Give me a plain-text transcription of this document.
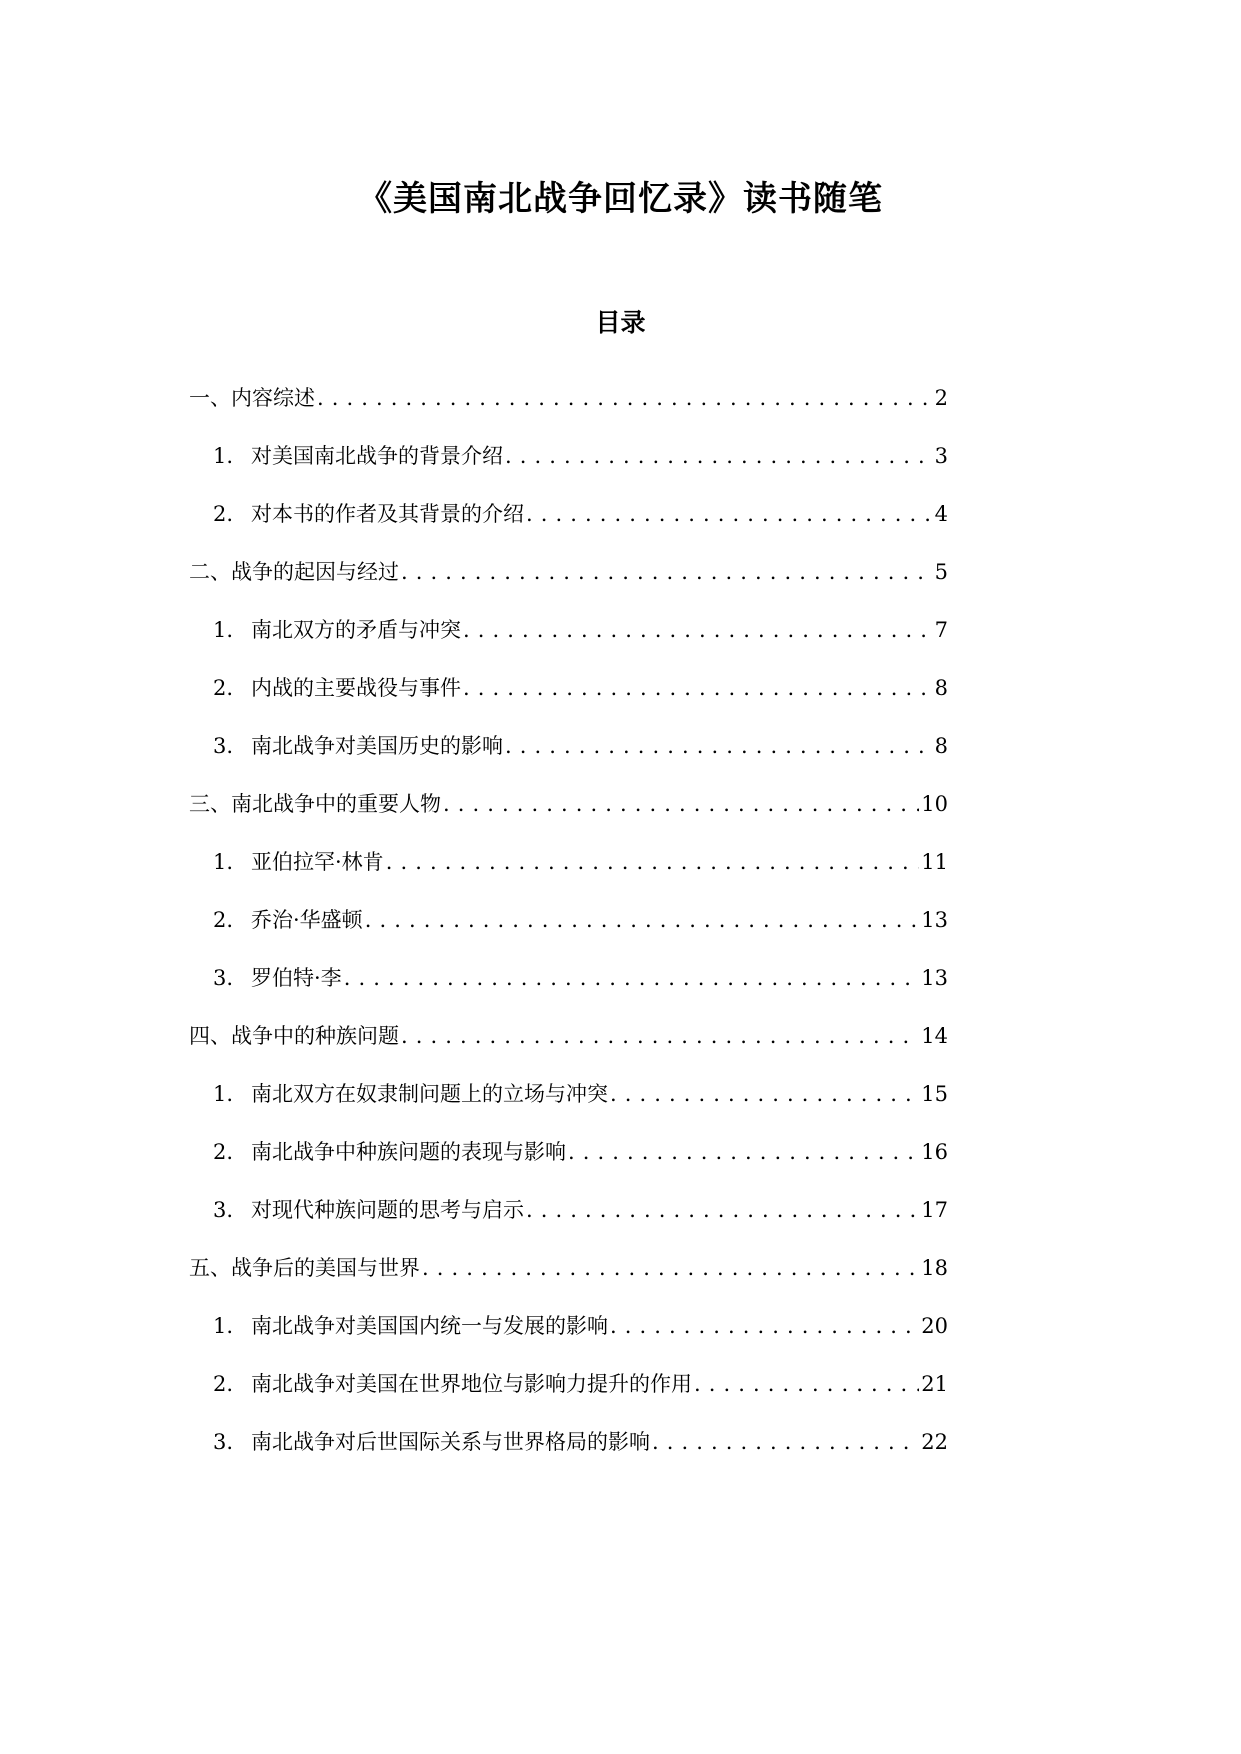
《美国南北战争回忆录》读书随笔
目录
一、内容综述 . . .	2
1. 对美国南北战争的背景介绍 . . .	3
2. 对本书的作者及其背景的介绍 . . .	4
二、战争的起因与经过 . . .	5
1. 南北双方的矛盾与冲突 . . .	7
2. 内战的主要战役与事件 . . .	8
3. 南北战争对美国历史的影响 . . .	8
三、南北战争中的重要人物 . . .	10
1. 亚伯拉罕·林肯 . . .	11
2. 乔治·华盛顿 . . .	13
3. 罗伯特·李 . . .	13
四、战争中的种族问题 . . .	14
1. 南北双方在奴隶制问题上的立场与冲突 . . .	15
2. 南北战争中种族问题的表现与影响 . . .	16
3. 对现代种族问题的思考与启示 . . .	17
五、战争后的美国与世界 . . .	18
1. 南北战争对美国国内统一与发展的影响 . . .	20
2. 南北战争对美国在世界地位与影响力提升的作用 . . .	21
3. 南北战争对后世国际关系与世界格局的影响 . . .	22
